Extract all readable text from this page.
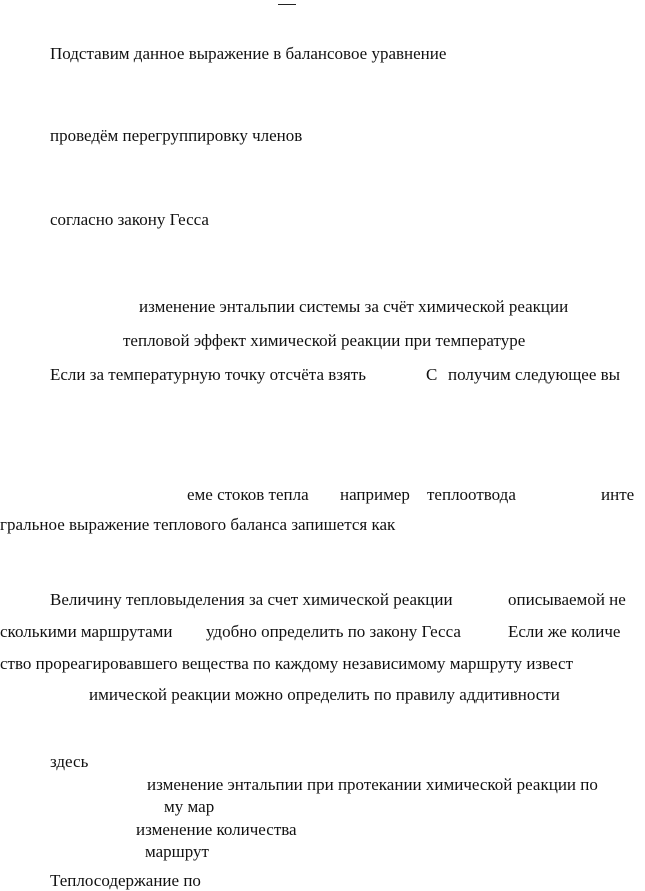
Подставим данное выражение в балансовое уравнение
проведём перегруппировку членов
согласно закону Гесса
изменение энтальпии системы за счёт химической реакции
тепловой эффект химической реакции при температуре
Если за температурную точку отсчёта взять	С получим следующее вы
еме стоков тепла например теплоотвода	инте
гральное выражение теплового баланса запишется как
Величину тепловыделения за счет химической реакции	описываемой не
сколькими маршрутами удобно определить по закону Гесса	Если же количе
ство прореагировавшего вещества по каждому независимому маршруту извест
имической реакции можно определить по правилу аддитивности
здесь
изменение энтальпии при протекании химической реакции по
му мар
изменение количества
маршрут
Теплосодержание по
